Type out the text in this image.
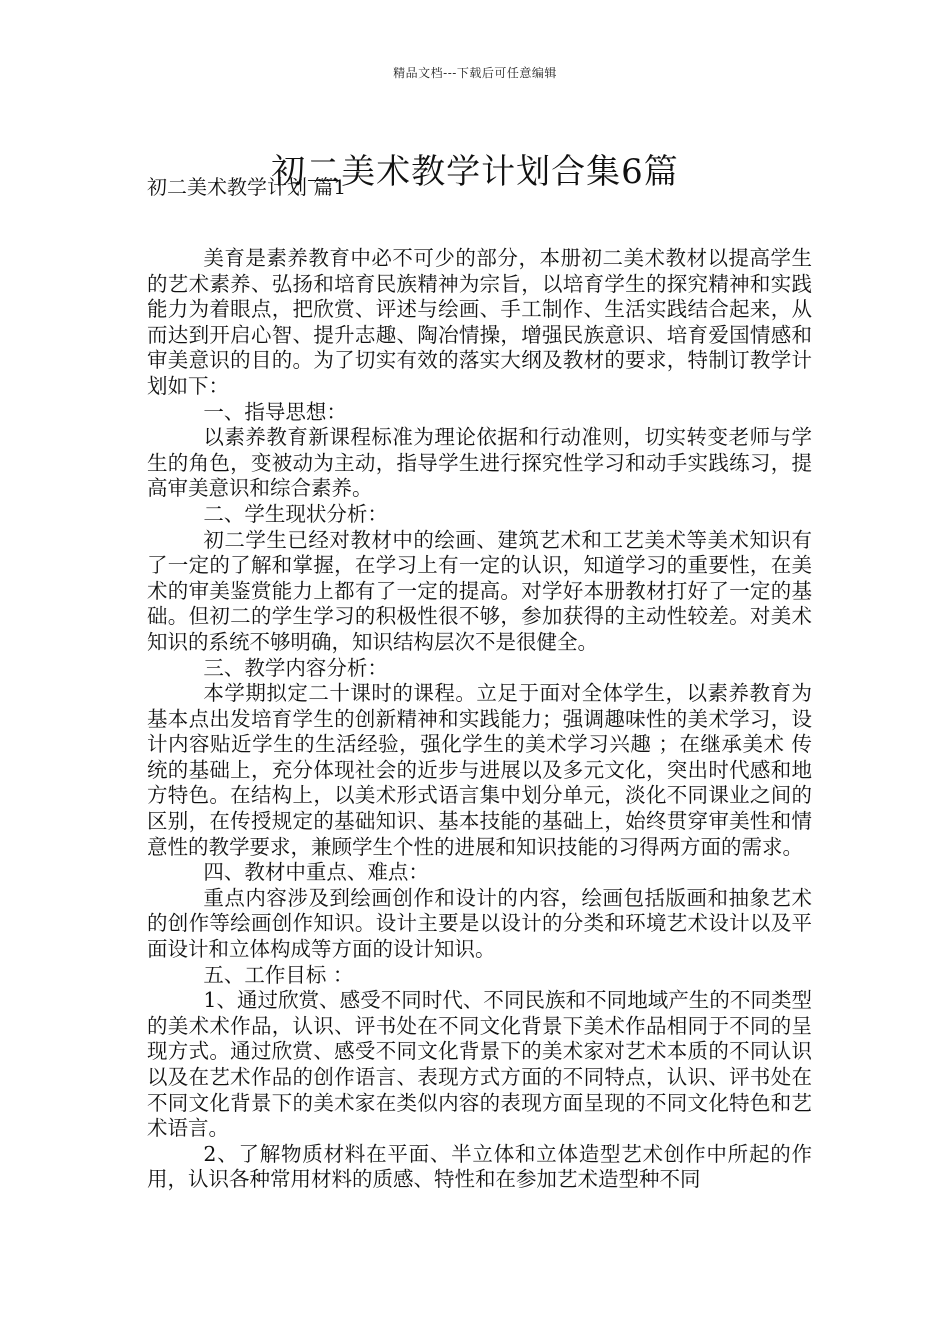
精品文档---下载后可任意编辑
初二美术教学计划合集6篇
初二美术教学计划 篇1

美育是素养教育中必不可少的部分，本册初二美术教材以提高学生的艺术素养、弘扬和培育民族精神为宗旨，以培育学生的探究精神和实践能力为着眼点，把欣赏、评述与绘画、手工制作、生活实践结合起来，从而达到开启心智、提升志趣、陶冶情操，增强民族意识、培育爱国情感和审美意识的目的。为了切实有效的落实大纲及教材的要求，特制订教学计划如下：

一、指导思想：

以素养教育新课程标准为理论依据和行动准则，切实转变老师与学生的角色，变被动为主动，指导学生进行探究性学习和动手实践练习，提高审美意识和综合素养。

二、学生现状分析：

初二学生已经对教材中的绘画、建筑艺术和工艺美术等美术知识有了一定的了解和掌握，在学习上有一定的认识，知道学习的重要性，在美术的审美鉴赏能力上都有了一定的提高。对学好本册教材打好了一定的基础。但初二的学生学习的积极性很不够，参加获得的主动性较差。对美术知识的系统不够明确，知识结构层次不是很健全。

三、教学内容分析：

本学期拟定二十课时的课程。立足于面对全体学生，以素养教育为基本点出发培育学生的创新精神和实践能力；强调趣味性的美术学习，设计内容贴近学生的生活经验，强化学生的美术学习兴趣 ；在继承美术 传统的基础上，充分体现社会的近步与进展以及多元文化，突出时代感和地方特色。在结构上，以美术形式语言集中划分单元，淡化不同课业之间的区别，在传授规定的基础知识、基本技能的基础上，始终贯穿审美性和情意性的教学要求，兼顾学生个性的进展和知识技能的习得两方面的需求。

四、教材中重点、难点：

重点内容涉及到绘画创作和设计的内容，绘画包括版画和抽象艺术的创作等绘画创作知识。设计主要是以设计的分类和环境艺术设计以及平面设计和立体构成等方面的设计知识。

五、工作目标 ：

1、通过欣赏、感受不同时代、不同民族和不同地域产生的不同类型的美术术作品，认识、评书处在不同文化背景下美术作品相同于不同的呈现方式。通过欣赏、感受不同文化背景下的美术家对艺术本质的不同认识以及在艺术作品的创作语言、表现方式方面的不同特点，认识、评书处在不同文化背景下的美术家在类似内容的表现方面呈现的不同文化特色和艺术语言。

2、了解物质材料在平面、半立体和立体造型艺术创作中所起的作用，认识各种常用材料的质感、特性和在参加艺术造型种不同
